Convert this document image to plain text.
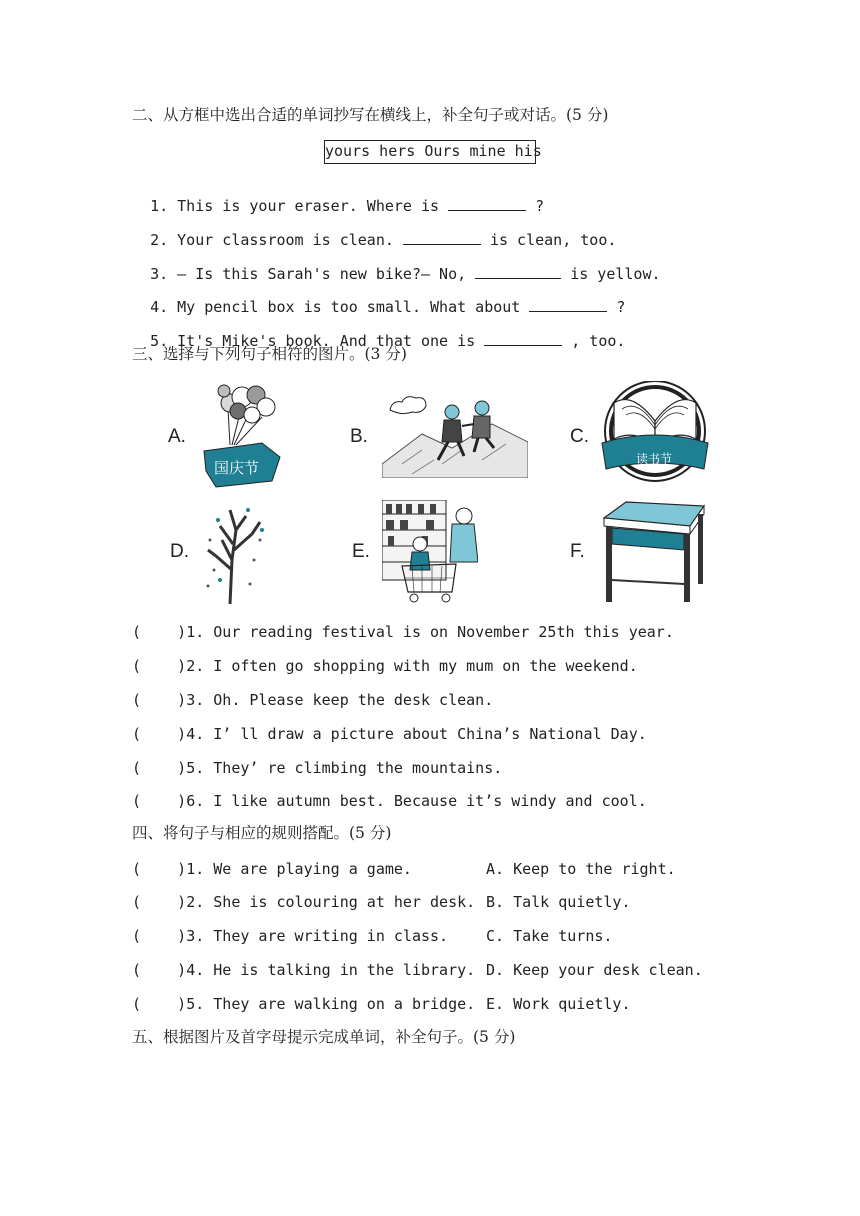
二、从方框中选出合适的单词抄写在横线上，补全句子或对话。(5 分)
yours hers Ours mine his

1. This is your eraser. Where is	?

2. Your classroom is clean.	is clean, too.

3. — Is this Sarah's new bike?— No,	is yellow.

4. My pencil box is too small. What about	?

5. It's Mike's book. And that one is	, too.

三、选择与下列句子相符的图片。(3 分)
A.
国庆节
B.	C.
读书节
D.	E.	F.
(    )1. Our reading festival is on November 25th this year.
(    )2. I often go shopping with my mum on the weekend.
(    )3. Oh. Please keep the desk clean.
(    )4. I’ ll draw a picture about China’s National Day.
(    )5. They’ re climbing the mountains.
(    )6. I like autumn best. Because it’s windy and cool.
四、将句子与相应的规则搭配。(5 分)
(    )1. We are playing a game.	A. Keep to the right.
(    )2. She is colouring at her desk. B. Talk quietly.
(    )3. They are writing in class.	C. Take turns.
(    )4. He is talking in the library. D. Keep your desk clean.
(    )5. They are walking on a bridge. E. Work quietly.
五、根据图片及首字母提示完成单词，补全句子。(5 分)
